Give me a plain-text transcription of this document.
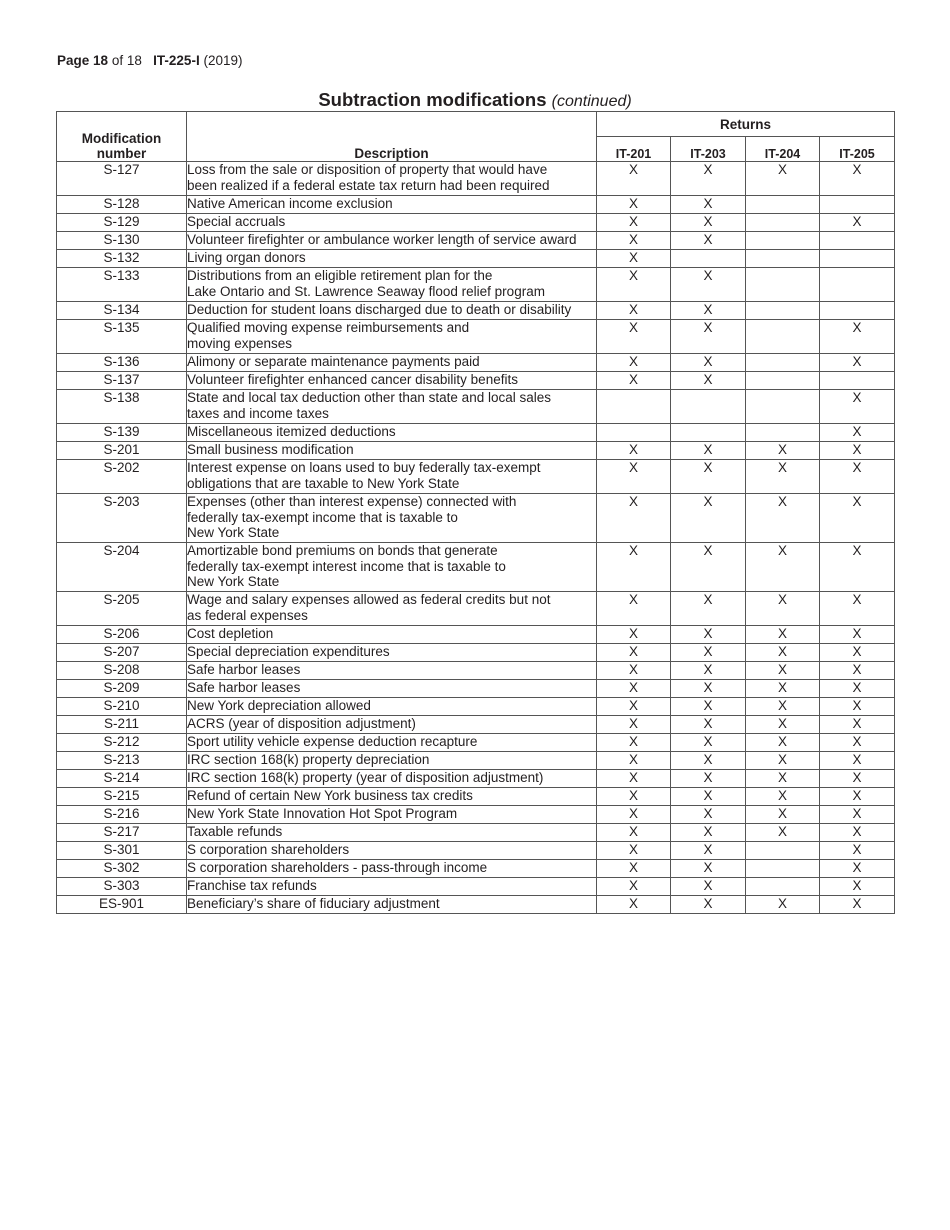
Page 18 of 18 IT-225-I (2019)
Subtraction modifications (continued)
Modification
number	Description	Returns			
		IT-201	IT-203	IT-204	IT-205
S-127	Loss from the sale or disposition of property that would have
been realized if a federal estate tax return had been required	X	X	X	X
S-128	Native American income exclusion	X	X		
S-129	Special accruals	X	X		X
S-130	Volunteer firefighter or ambulance worker length of service award	X	X		
S-132	Living organ donors	X			
S-133	Distributions from an eligible retirement plan for the
Lake Ontario and St. Lawrence Seaway flood relief program	X	X		
S-134	Deduction for student loans discharged due to death or disability	X	X		
S-135	Qualified moving expense reimbursements and
moving expenses	X	X		X
S-136	Alimony or separate maintenance payments paid	X	X		X
S-137	Volunteer firefighter enhanced cancer disability benefits	X	X		
S-138	State and local tax deduction other than state and local sales
taxes and income taxes				X
S-139	Miscellaneous itemized deductions				X
S-201	Small business modification	X	X	X	X
S-202	Interest expense on loans used to buy federally tax-exempt
obligations that are taxable to New York State	X	X	X	X
S-203	Expenses (other than interest expense) connected with
federally tax-exempt income that is taxable to
New York State	X	X	X	X
S-204	Amortizable bond premiums on bonds that generate
federally tax-exempt interest income that is taxable to
New York State	X	X	X	X
S-205	Wage and salary expenses allowed as federal credits but not
as federal expenses	X	X	X	X
S-206	Cost depletion	X	X	X	X
S-207	Special depreciation expenditures	X	X	X	X
S-208	Safe harbor leases	X	X	X	X
S-209	Safe harbor leases	X	X	X	X
S-210	New York depreciation allowed	X	X	X	X
S-211	ACRS (year of disposition adjustment)	X	X	X	X
S-212	Sport utility vehicle expense deduction recapture	X	X	X	X
S-213	IRC section 168(k) property depreciation	X	X	X	X
S-214	IRC section 168(k) property (year of disposition adjustment)	X	X	X	X
S-215	Refund of certain New York business tax credits	X	X	X	X
S-216	New York State Innovation Hot Spot Program	X	X	X	X
S-217	Taxable refunds	X	X	X	X
S-301	S corporation shareholders	X	X		X
S-302	S corporation shareholders - pass-through income	X	X		X
S-303	Franchise tax refunds	X	X		X
ES-901	Beneficiary’s share of fiduciary adjustment	X	X	X	X
